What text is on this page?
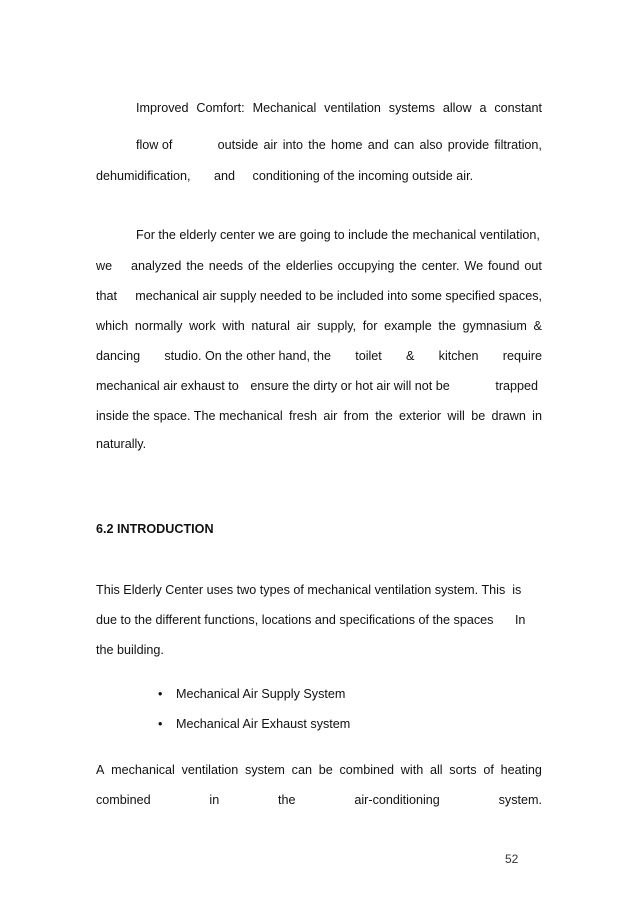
Improved Comfort: Mechanical ventilation systems allow a constant
flow of	outside air into the home and can also provide filtration,
dehumidification, and conditioning of the incoming outside air.
For the elderly center we are going to include the mechanical ventilation,
we analyzed the needs of the elderlies occupying the center. We found out
that mechanical air supply needed to be included into some specified spaces,
which normally work with natural air supply, for example the gymnasium &
dancing studio. On the other hand, the toilet & kitchen require
mechanical air exhaust to ensure the dirty or hot air will not be	trapped
inside the space. The mechanical fresh air from the exterior will be drawn in
naturally.
6.2 INTRODUCTION
This Elderly Center uses two types of mechanical ventilation system. This  is
due to the different functions, locations and specifications of the spaces In
the building.
• Mechanical Air Supply System
• Mechanical Air Exhaust system
A mechanical ventilation system can be combined with all sorts of heating
combined	in	the	air-conditioning	system.
52
